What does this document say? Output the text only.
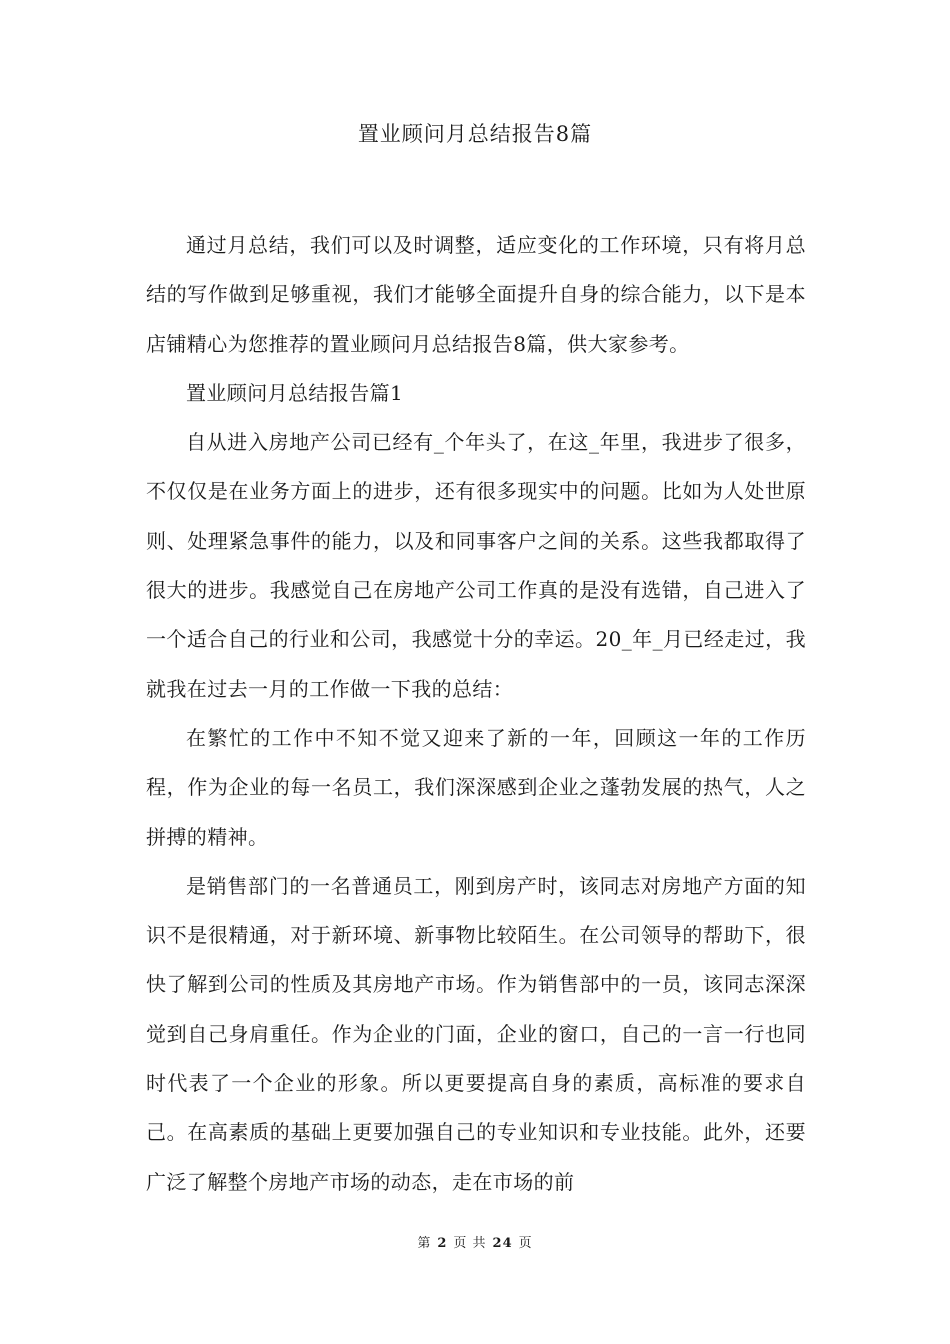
置业顾问月总结报告8篇

通过月总结，我们可以及时调整，适应变化的工作环境，只有将月总结的写作做到足够重视，我们才能够全面提升自身的综合能力，以下是本店铺精心为您推荐的置业顾问月总结报告8篇，供大家参考。

置业顾问月总结报告篇1

自从进入房地产公司已经有_个年头了，在这_年里，我进步了很多，不仅仅是在业务方面上的进步，还有很多现实中的问题。比如为人处世原则、处理紧急事件的能力，以及和同事客户之间的关系。这些我都取得了很大的进步。我感觉自己在房地产公司工作真的是没有选错，自己进入了一个适合自己的行业和公司，我感觉十分的幸运。20_年_月已经走过，我就我在过去一月的工作做一下我的总结：

在繁忙的工作中不知不觉又迎来了新的一年，回顾这一年的工作历程，作为企业的每一名员工，我们深深感到企业之蓬勃发展的热气，人之拼搏的精神。

是销售部门的一名普通员工，刚到房产时，该同志对房地产方面的知识不是很精通，对于新环境、新事物比较陌生。在公司领导的帮助下，很快了解到公司的性质及其房地产市场。作为销售部中的一员，该同志深深觉到自己身肩重任。作为企业的门面，企业的窗口，自己的一言一行也同时代表了一个企业的形象。所以更要提高自身的素质，高标准的要求自己。在高素质的基础上更要加强自己的专业知识和专业技能。此外，还要广泛了解整个房地产市场的动态，走在市场的前

第 2 页 共 24 页
